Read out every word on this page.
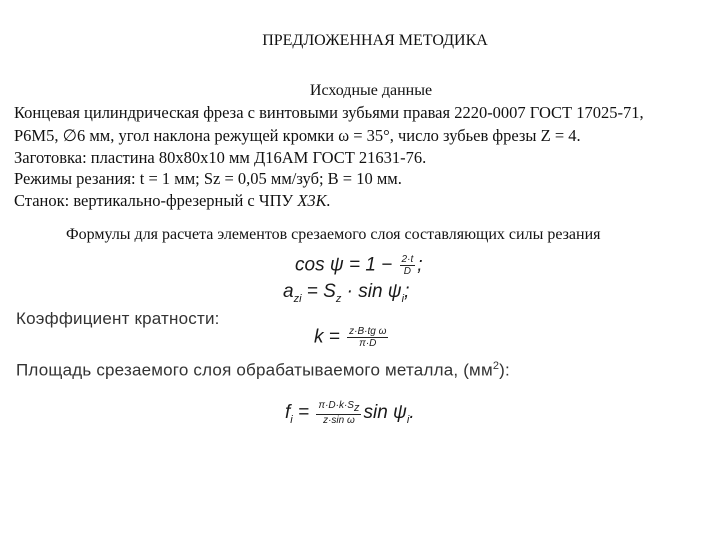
ПРЕДЛОЖЕННАЯ МЕТОДИКА
Исходные данные
Концевая цилиндрическая фреза с винтовыми зубьями правая 2220-0007 ГОСТ 17025-71,
Р6М5, ∅6 мм, угол наклона режущей кромки ω = 35°, число зубьев фрезы Z = 4.
Заготовка: пластина 80х80х10 мм Д16АМ ГОСТ 21631-76.
Режимы резания: t = 1 мм; Sz = 0,05 мм/зуб; B = 10 мм.
Станок: вертикально-фрезерный с ЧПУ Х3К.
Формулы для расчета элементов срезаемого слоя составляющих силы резания
$\cos \psi = 1 - \frac{2\cdot t}{D}$ ;
$a_{zi} = S_z \cdot \sin \psi_i$;
Коэффициент кратности:
$k = \frac{\text{z·B·tg ω}}{\pi\cdot D}$
Площадь срезаемого слоя обрабатываемого металла, $(мм^2)$:
$f_i = \frac{\pi\cdot D\cdot k\cdot S_z}{\text{z·sin ω}}$ $\sin \psi_i$.
